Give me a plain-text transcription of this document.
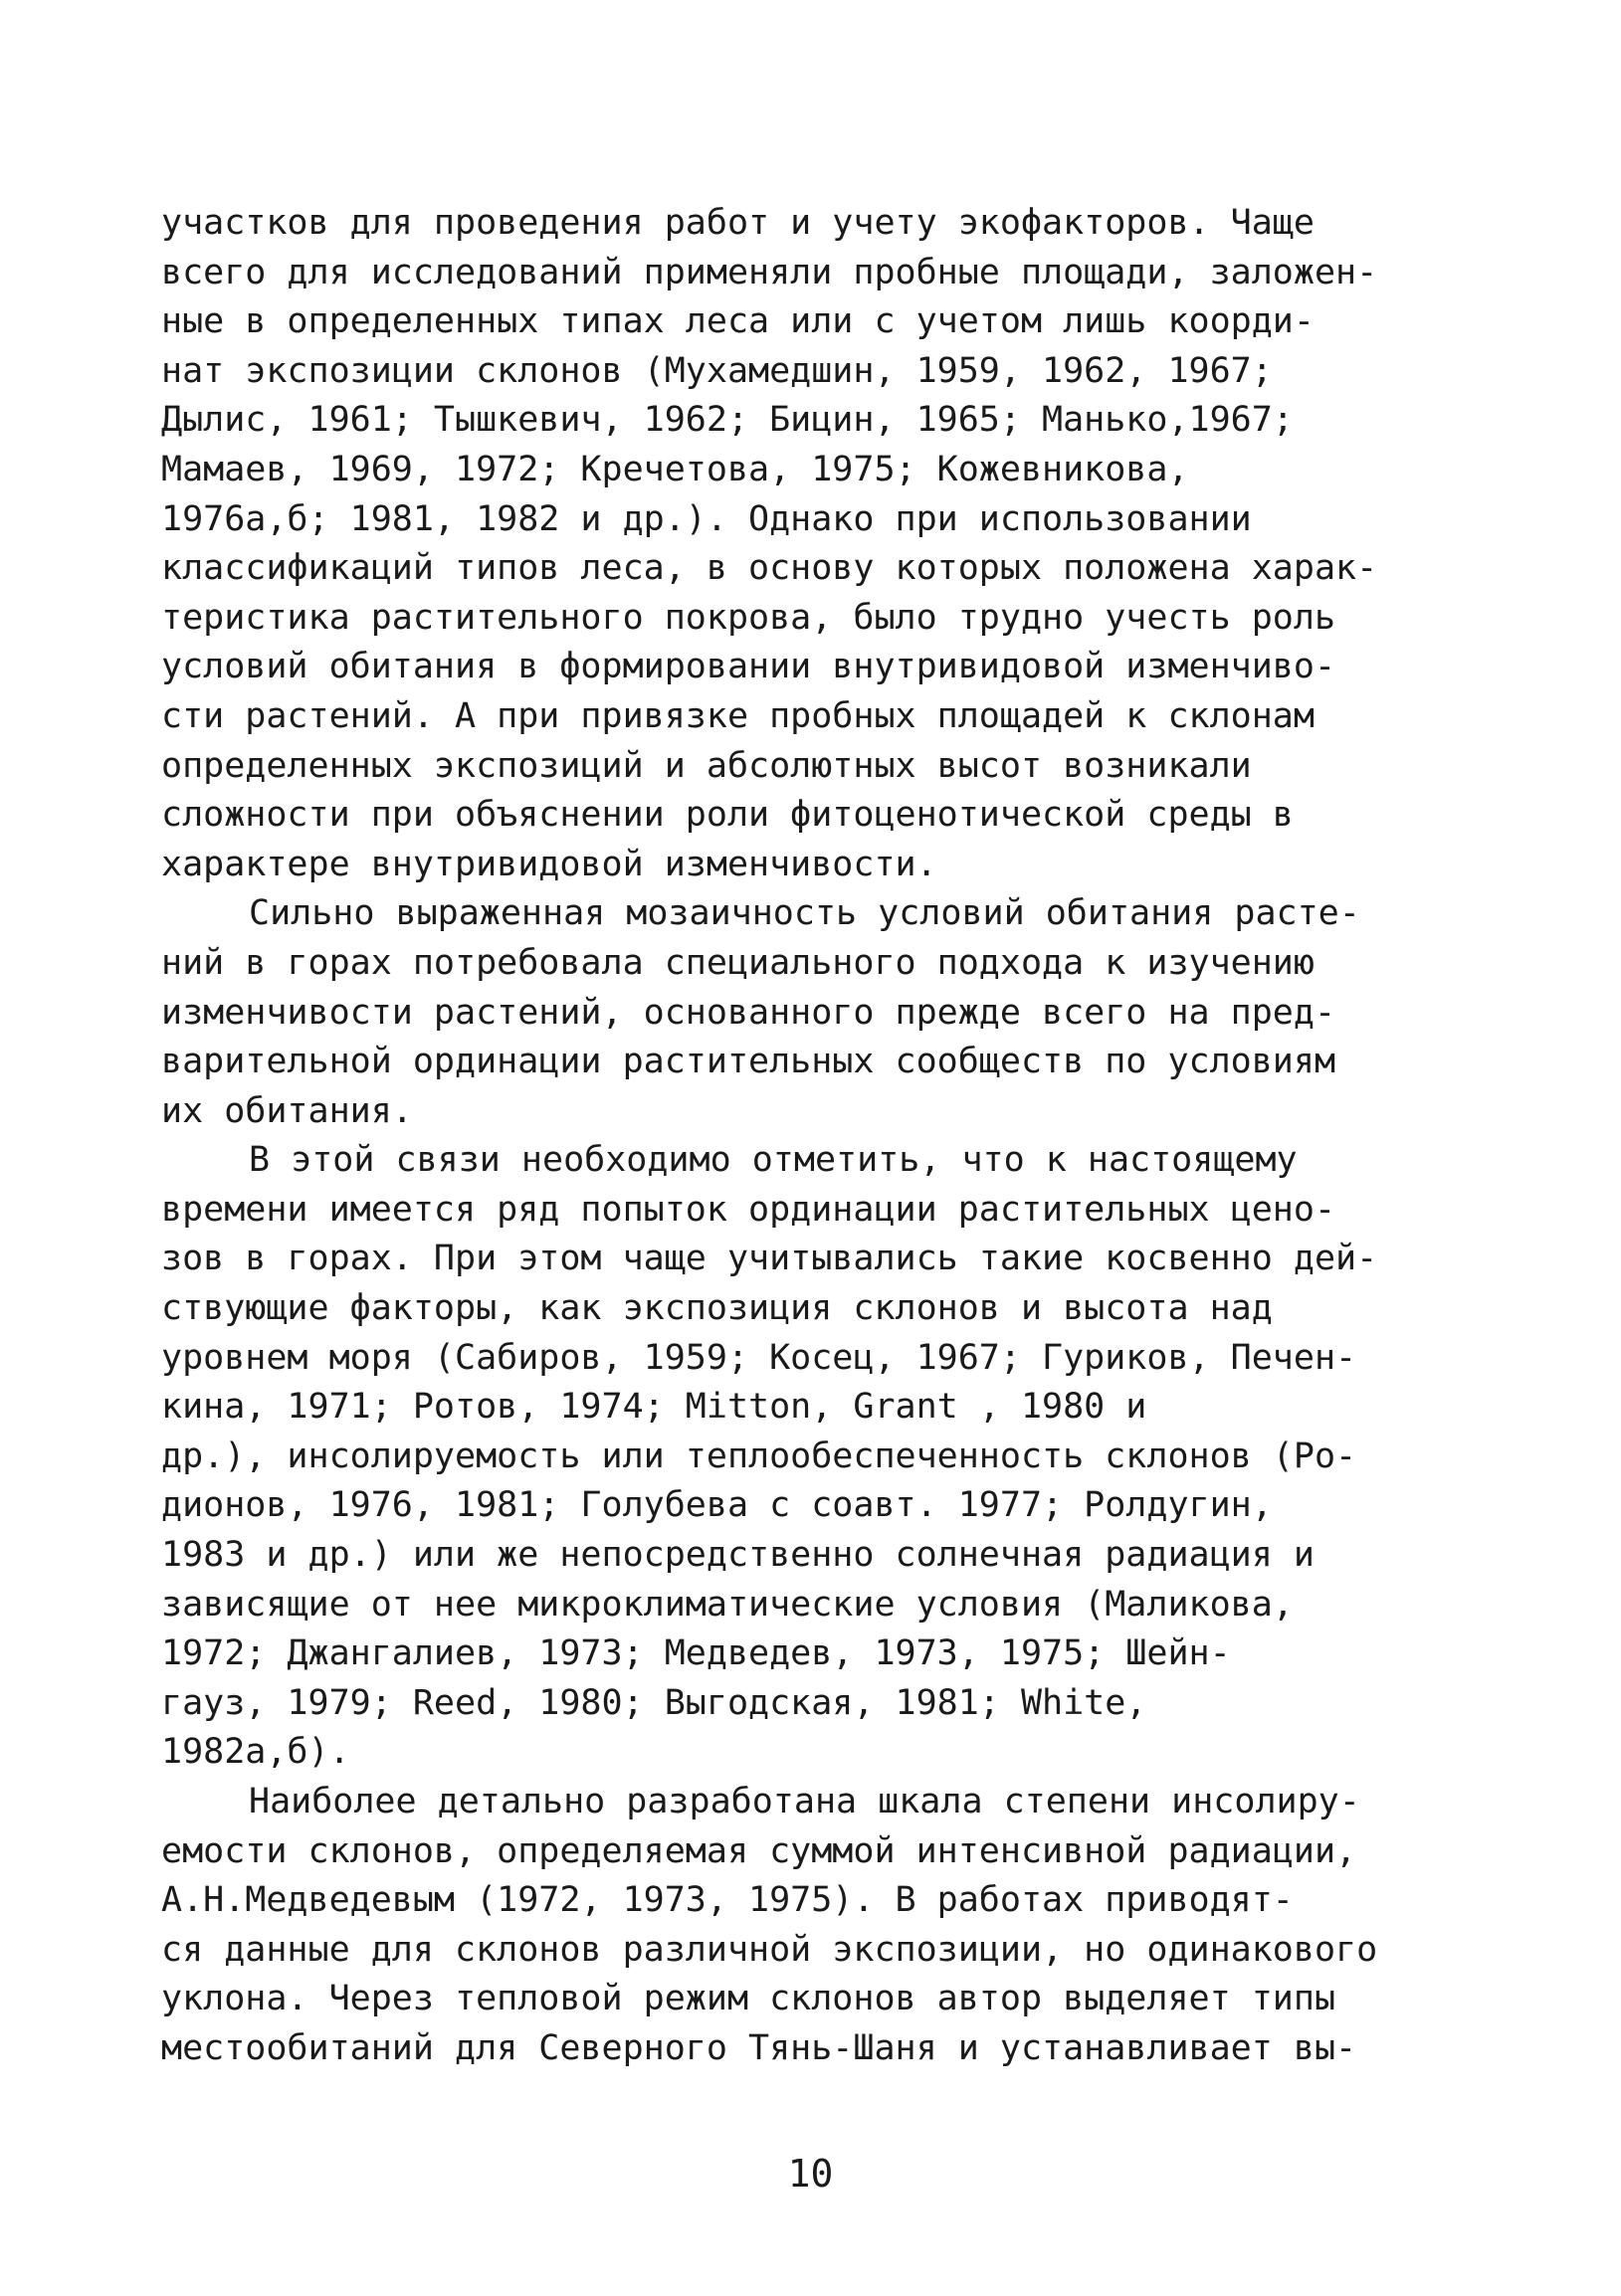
участков для проведения работ и учету экофакторов. Чаще
всего для исследований применяли пробные площади, заложен-
ные в определенных типах леса или с учетом лишь коорди-
нат экспозиции склонов (Мухамедшин, 1959, 1962, 1967;
Дылис, 1961; Тышкевич, 1962; Бицин, 1965; Манько,1967;
Мамаев, 1969, 1972; Кречетова, 1975; Кожевникова,
1976а,б; 1981, 1982 и др.). Однако при использовании
классификаций типов леса, в основу которых положена харак-
теристика растительного покрова, было трудно учесть роль
условий обитания в формировании внутривидовой изменчиво-
сти растений. А при привязке пробных площадей к склонам
определенных экспозиций и абсолютных высот возникали
сложности при объяснении роли фитоценотической среды в
характере внутривидовой изменчивости.

Сильно выраженная мозаичность условий обитания расте-
ний в горах потребовала специального подхода к изучению
изменчивости растений, основанного прежде всего на пред-
варительной ординации растительных сообществ по условиям
их обитания.

В этой связи необходимо отметить, что к настоящему
времени имеется ряд попыток ординации растительных цено-
зов в горах. При этом чаще учитывались такие косвенно дей-
ствующие факторы, как экспозиция склонов и высота над
уровнем моря (Сабиров, 1959; Косец, 1967; Гуриков, Печен-
кина, 1971; Ротов, 1974; Mitton, Grant , 1980 и
др.), инсолируемость или теплообеспеченность склонов (Ро-
дионов, 1976, 1981; Голубева с соавт. 1977; Ролдугин,
1983 и др.) или же непосредственно солнечная радиация и
зависящие от нее микроклиматические условия (Маликова,
1972; Джангалиев, 1973; Медведев, 1973, 1975; Шейн-
гауз, 1979; Reed, 1980; Выгодская, 1981; White,
1982а,б).

Наиболее детально разработана шкала степени инсолиру-
емости склонов, определяемая суммой интенсивной радиации,
А.Н.Медведевым (1972, 1973, 1975). В работах приводят-
ся данные для склонов различной экспозиции, но одинакового
уклона. Через тепловой режим склонов автор выделяет типы
местообитаний для Северного Тянь-Шаня и устанавливает вы-

10
